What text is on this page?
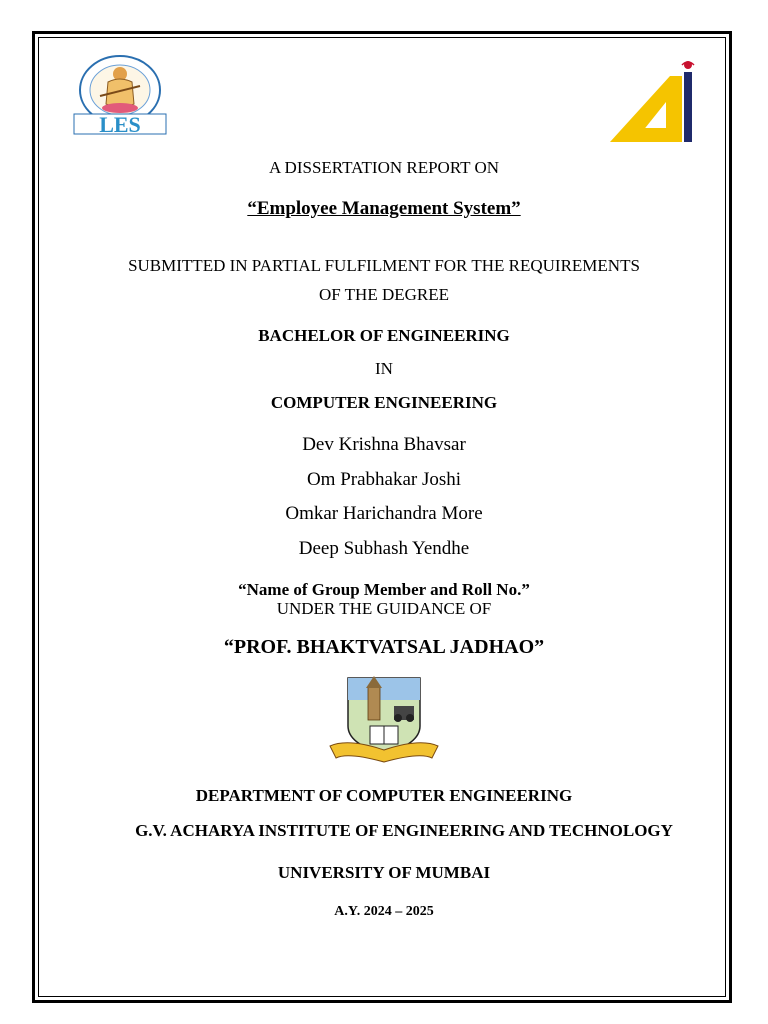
LES
A DISSERTATION REPORT ON
“Employee Management System”
SUBMITTED IN PARTIAL FULFILMENT FOR THE REQUIREMENTS
OF THE DEGREE
BACHELOR OF ENGINEERING
IN
COMPUTER ENGINEERING
Dev Krishna Bhavsar
Om Prabhakar Joshi
Omkar Harichandra More
Deep Subhash Yendhe
“Name of Group Member and Roll No.”
UNDER THE GUIDANCE OF
“PROF. BHAKTVATSAL JADHAO”
DEPARTMENT OF COMPUTER ENGINEERING
G.V. ACHARYA INSTITUTE OF ENGINEERING AND TECHNOLOGY
UNIVERSITY OF MUMBAI
A.Y. 2024 – 2025
